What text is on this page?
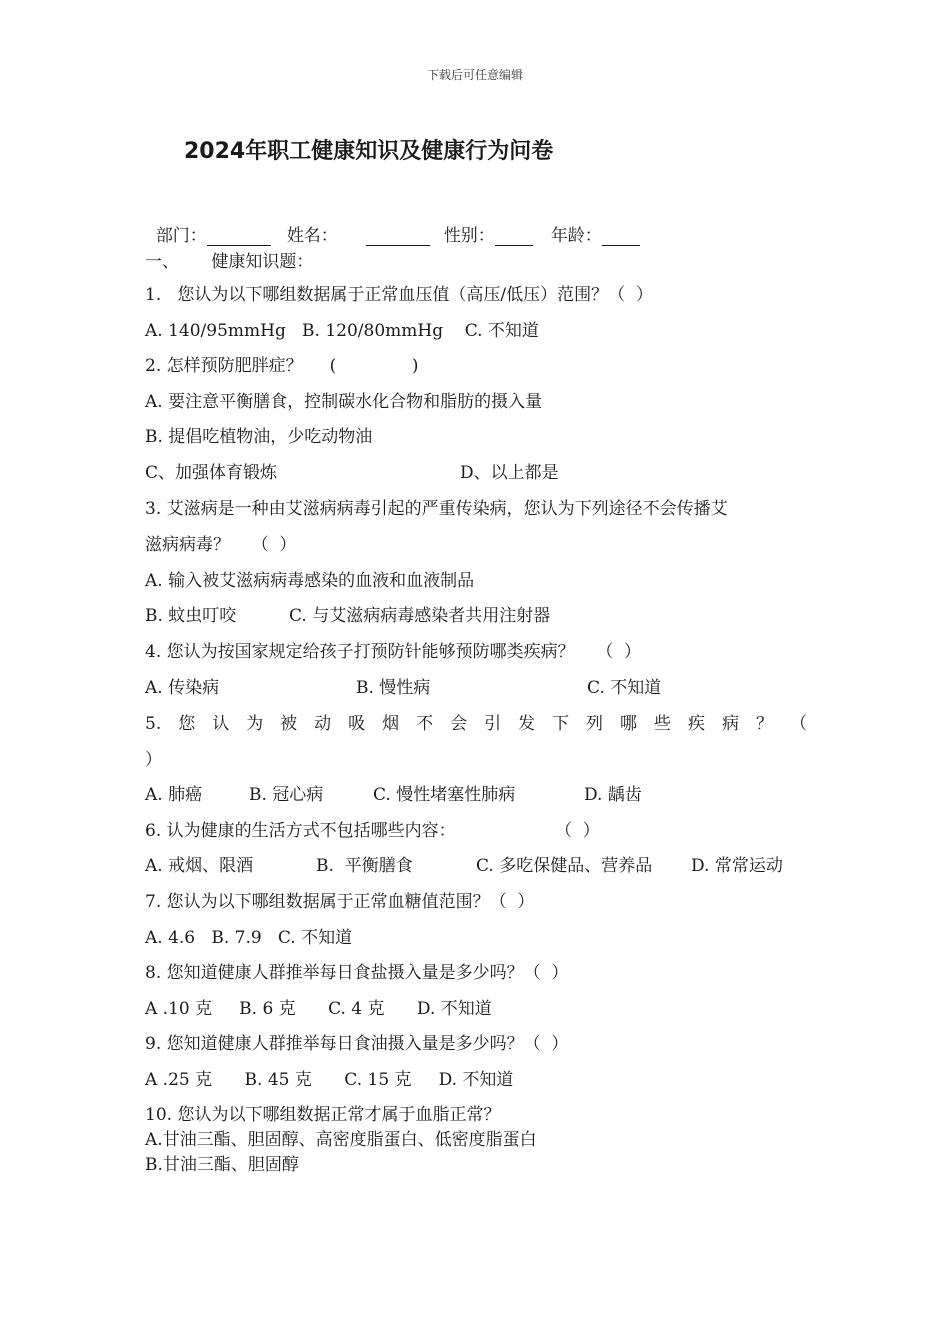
下载后可任意编辑
2024年职工健康知识及健康行为问卷

部门：	姓名：	性别：	年龄：

一、      健康知识题：
1.   您认为以下哪组数据属于正常血压值（高压/低压）范围？（  ）
A. 140/95mmHg   B. 120/80mmHg    C. 不知道
2. 怎样预防肥胖症？     (              )
A. 要注意平衡膳食，控制碳水化合物和脂肪的摄入量
B. 提倡吃植物油，少吃动物油
C、加强体育锻炼	D、以上都是
3. 艾滋病是一种由艾滋病病毒引起的严重传染病，您认为下列途径不会传播艾
滋病病毒？    （  ）
A. 输入被艾滋病病毒感染的血液和血液制品
B. 蚊虫叮咬	C. 与艾滋病病毒感染者共用注射器
4. 您认为按国家规定给孩子打预防针能够预防哪类疾病？    （  ）
A. 传染病	B. 慢性病	C. 不知道
5. 您 认 为 被 动 吸 烟 不 会 引 发 下 列 哪 些 疾 病 ？ （
）
A. 肺癌	B. 冠心病	C. 慢性堵塞性肺病	D. 龋齿
6. 认为健康的生活方式不包括哪些内容：	（  ）
A. 戒烟、限酒	B.  平衡膳食	C. 多吃保健品、营养品 D. 常常运动
7. 您认为以下哪组数据属于正常血糖值范围？（  ）
A. 4.6   B. 7.9   C. 不知道
8. 您知道健康人群推举每日食盐摄入量是多少吗？（  ）
A .10 克     B. 6 克      C. 4 克      D. 不知道
9. 您知道健康人群推举每日食油摄入量是多少吗？（  ）
A .25 克      B. 45 克      C. 15 克     D. 不知道
10. 您认为以下哪组数据正常才属于血脂正常？
A.甘油三酯、胆固醇、高密度脂蛋白、低密度脂蛋白
B.甘油三酯、胆固醇
